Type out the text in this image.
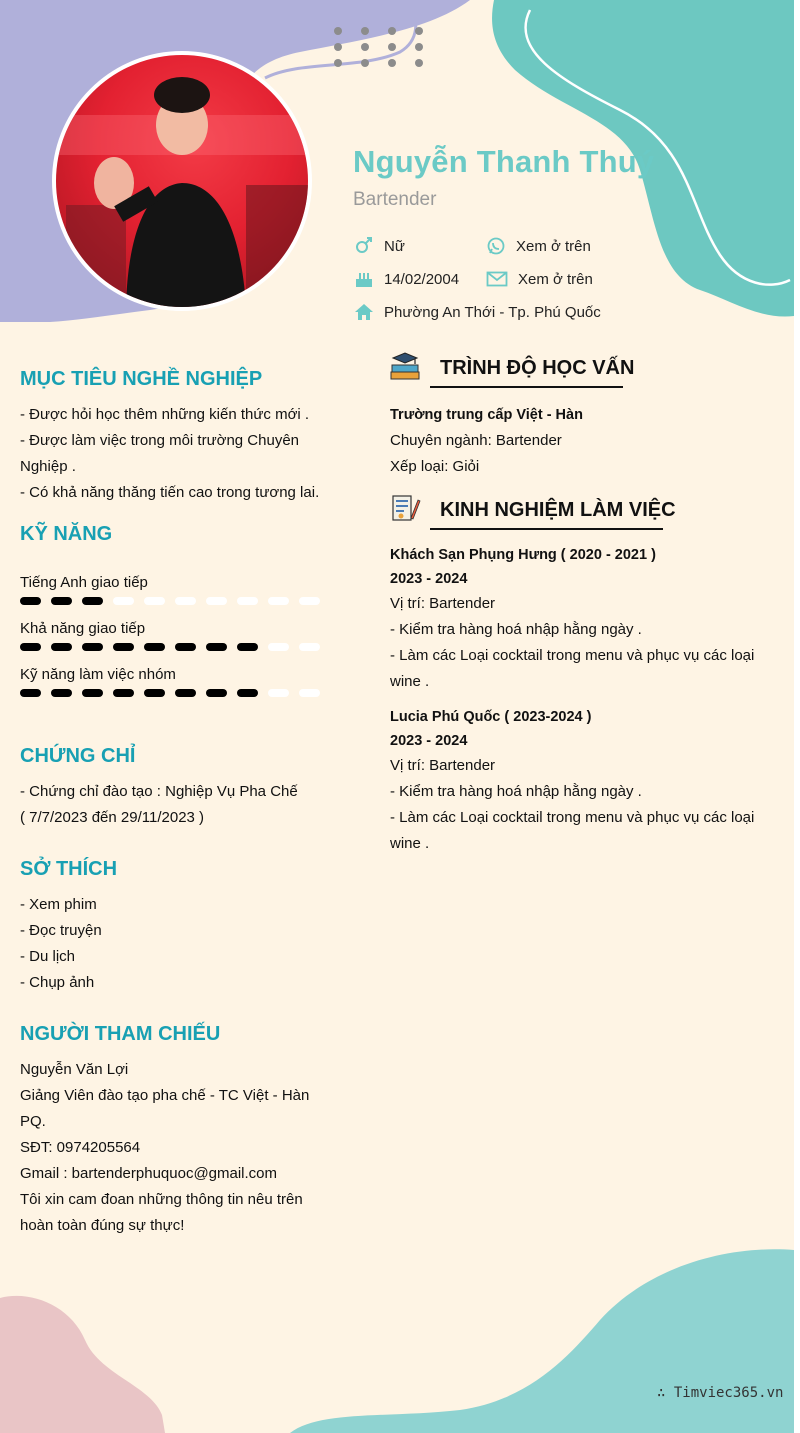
Nguyễn Thanh Thuý
Bartender
Nữ	Xem ở trên
14/02/2004	Xem ở trên
Phường An Thới - Tp. Phú Quốc
MỤC TIÊU NGHỀ NGHIỆP
- Được hỏi học thêm những kiến thức mới .
- Được làm việc trong môi trường Chuyên
Nghiệp .
- Có khả năng thăng tiến cao trong tương lai.
KỸ NĂNG
Tiếng Anh giao tiếp
Khả năng giao tiếp
Kỹ năng làm việc nhóm
CHỨNG CHỈ
- Chứng chỉ đào tạo : Nghiệp Vụ Pha Chế
( 7/7/2023 đến 29/11/2023 )
SỞ THÍCH
- Xem phim
- Đọc truyện
- Du lịch
- Chụp ảnh
NGƯỜI THAM CHIẾU
Nguyễn Văn Lợi
Giảng Viên đào tạo pha chế - TC Việt - Hàn
PQ.
SĐT: 0974205564
Gmail : bartenderphuquoc@gmail.com
Tôi xin cam đoan những thông tin nêu trên
hoàn toàn đúng sự thực!
TRÌNH ĐỘ HỌC VẤN
Trường trung cấp Việt - Hàn
Chuyên ngành: Bartender
Xếp loại: Giỏi
KINH NGHIỆM LÀM VIỆC
Khách Sạn Phụng Hưng ( 2020 - 2021 )
2023 - 2024
Vị trí: Bartender
- Kiểm tra hàng hoá nhập hằng ngày .
- Làm các Loại cocktail trong menu và phục vụ các loại
wine .
Lucia Phú Quốc ( 2023-2024 )
2023 - 2024
Vị trí: Bartender
- Kiểm tra hàng hoá nhập hằng ngày .
- Làm các Loại cocktail trong menu và phục vụ các loại
wine .
∴ Timviec365.vn
